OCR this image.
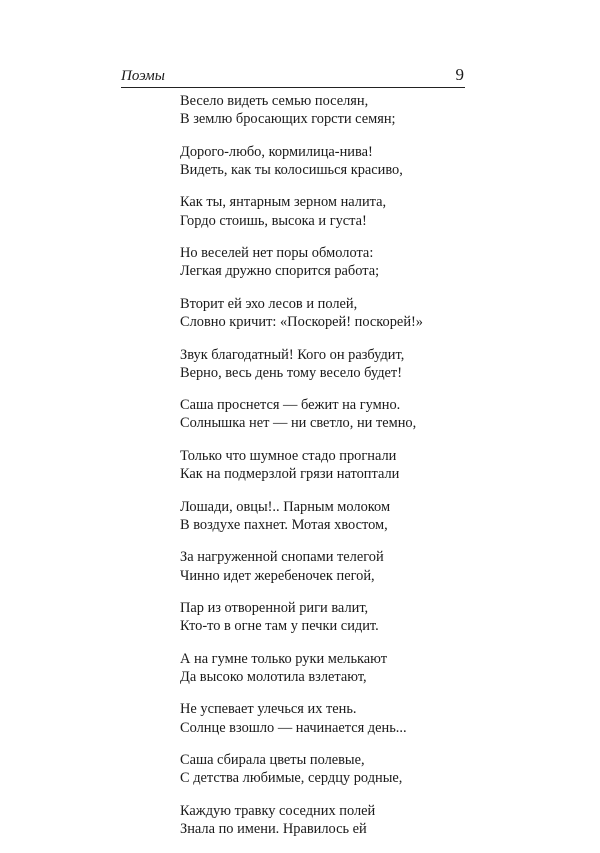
Поэмы	9
Весело видеть семью поселян,
В землю бросающих горсти семян;
Дорого-любо, кормилица-нива!
Видеть, как ты колосишься красиво,
Как ты, янтарным зерном налита,
Гордо стоишь, высока и густа!
Но веселей нет поры обмолота:
Легкая дружно спорится работа;
Вторит ей эхо лесов и полей,
Словно кричит: «Поскорей! поскорей!»
Звук благодатный! Кого он разбудит,
Верно, весь день тому весело будет!
Саша проснется — бежит на гумно.
Солнышка нет — ни светло, ни темно,
Только что шумное стадо прогнали
Как на подмерзлой грязи натоптали
Лошади, овцы!.. Парным молоком
В воздухе пахнет. Мотая хвостом,
За нагруженной снопами телегой
Чинно идет жеребеночек пегой,
Пар из отворенной риги валит,
Кто-то в огне там у печки сидит.
А на гумне только руки мелькают
Да высоко молотила взлетают,
Не успевает улечься их тень.
Солнце взошло — начинается день...
Саша сбирала цветы полевые,
С детства любимые, сердцу родные,
Каждую травку соседних полей
Знала по имени. Нравилось ей
